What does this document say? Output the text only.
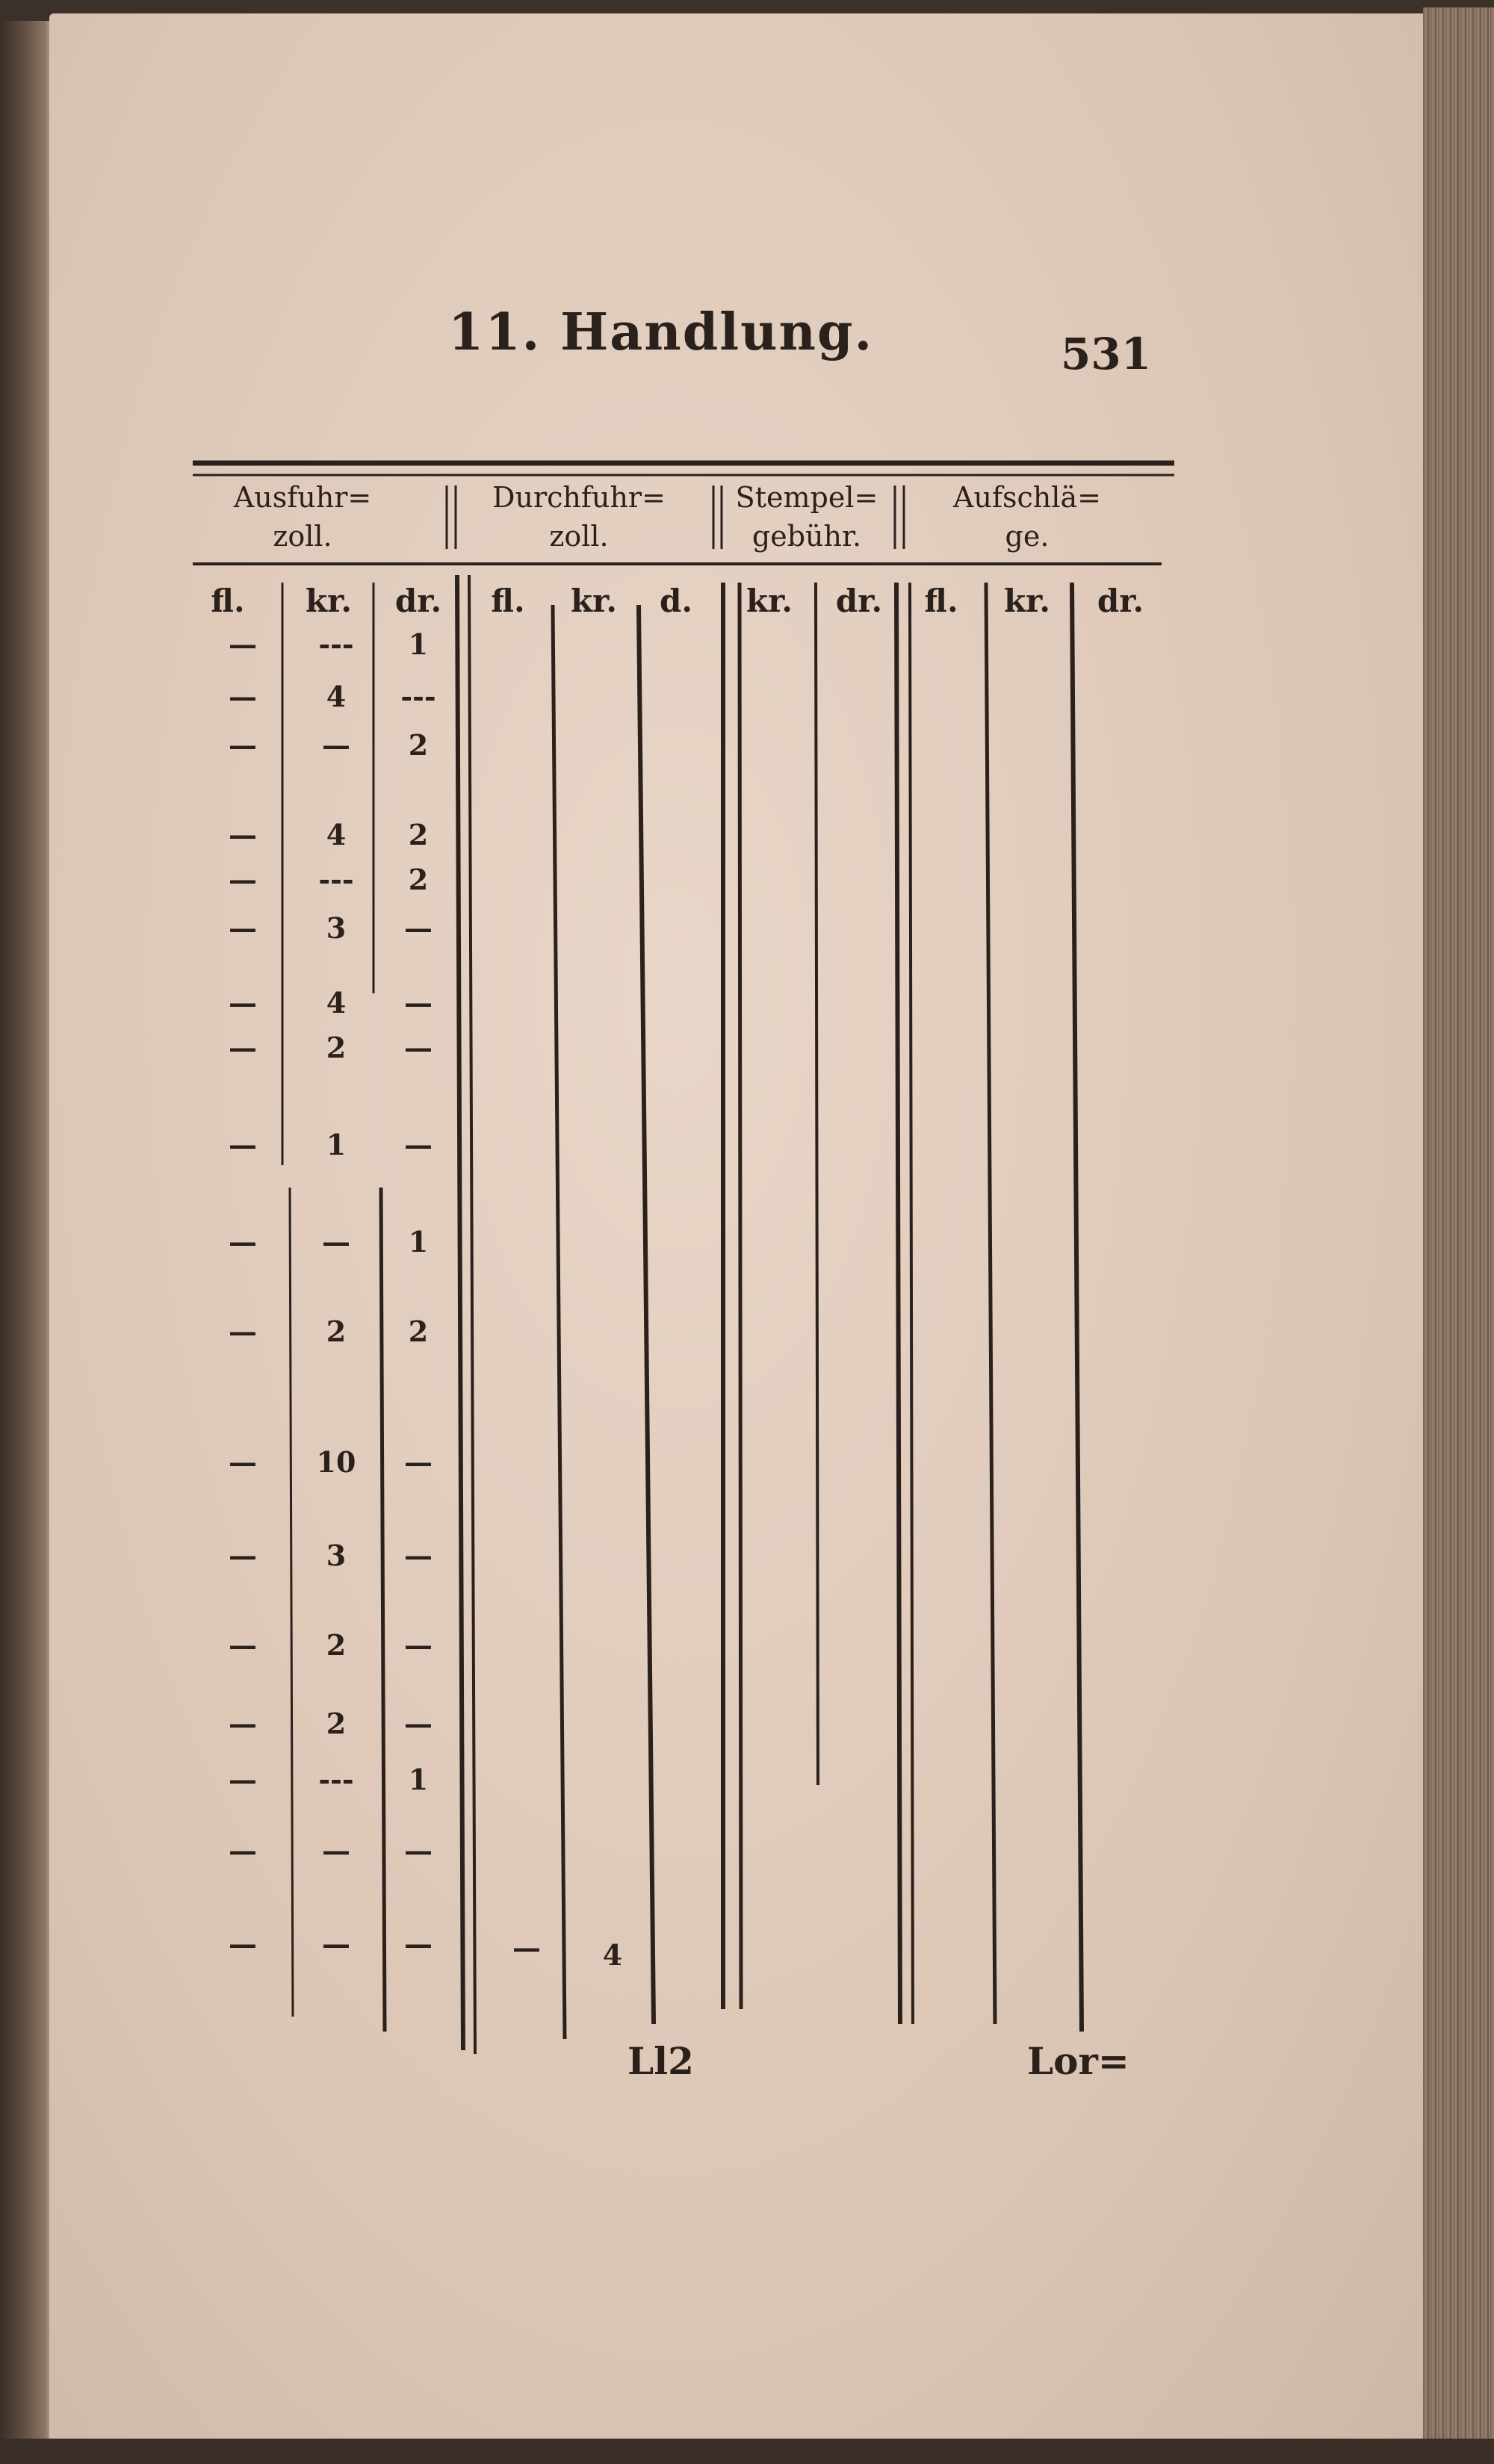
11. Handlung.	531
Ausfuhr=
zoll.
Durchfuhr=
zoll.
Stempel=
gebühr.
Aufschlä=
ge.
fl.	kr.	dr.	fl.	kr.	d.	kr.	dr.	fl.	kr.	dr.
—	---	1
—	4	---
—	—	2
—	4	2
—	---	2
—	3	—
—	4	—
—	2	—
—	1	—
—	—	1
—	2	2
—	10	—
—	3	—
—	2	—
—	2	—
—	---	1
—	—	—
—	—	—	—	4
Ll2	Lor=
